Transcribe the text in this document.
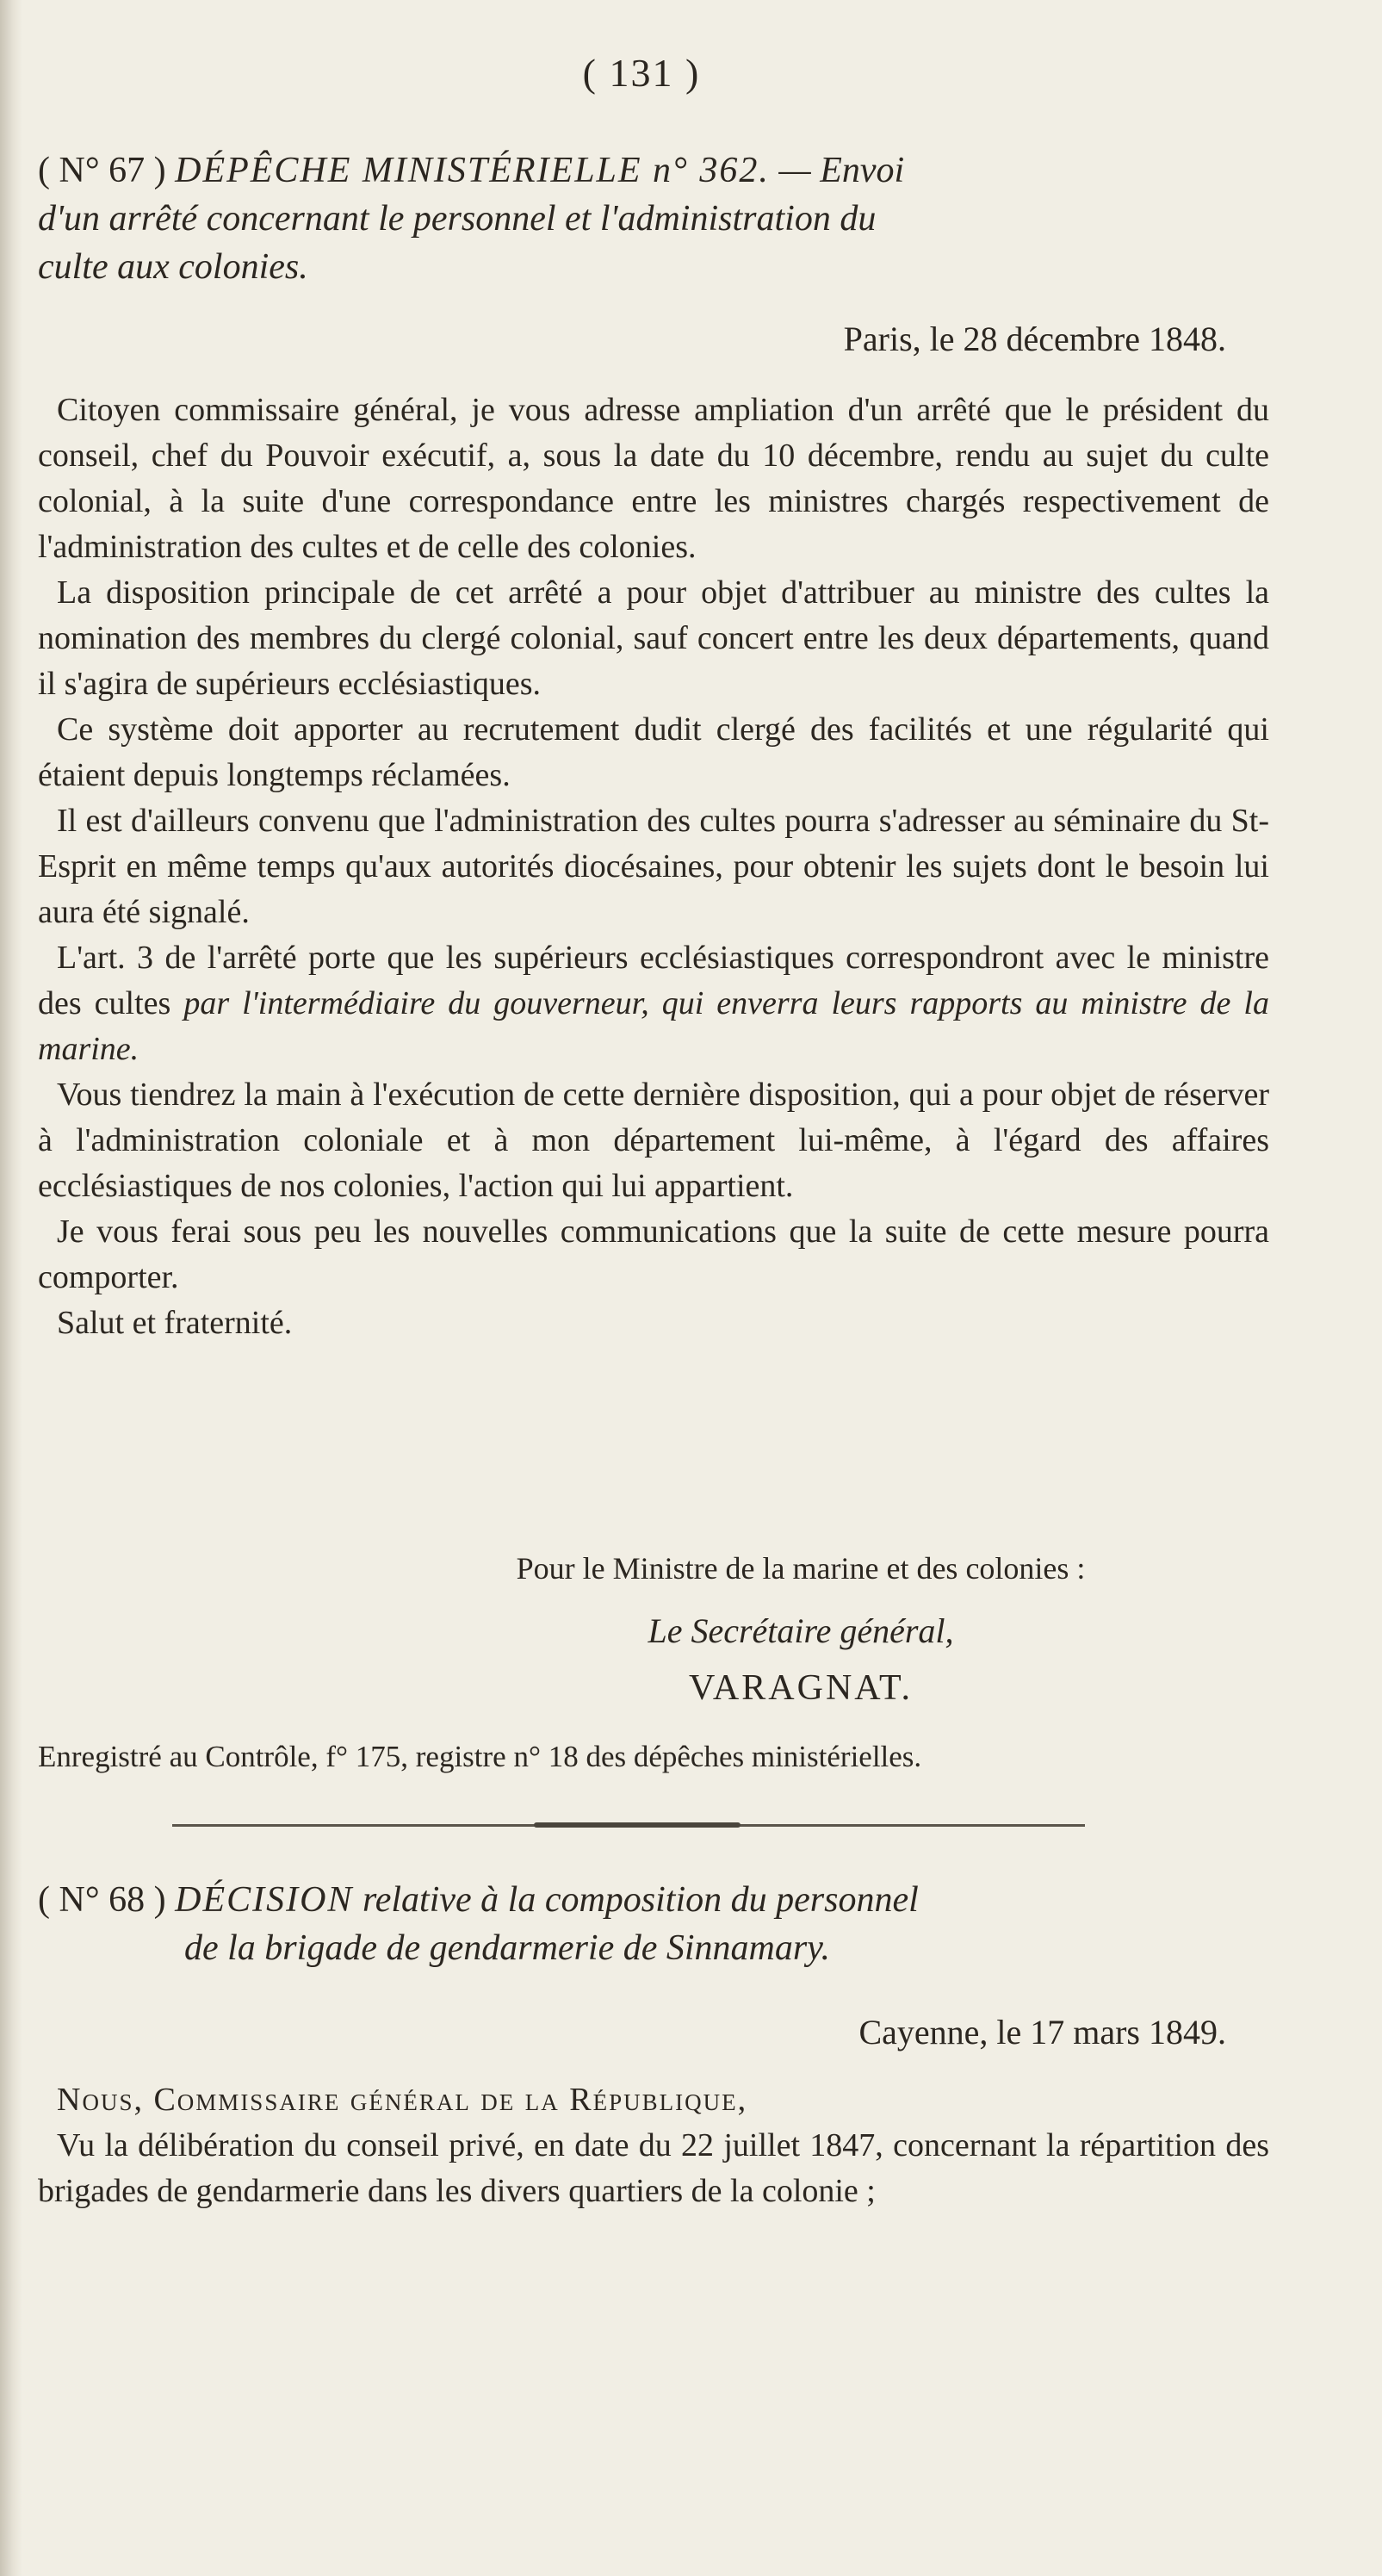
( 131 )
( N° 67 ) DÉPÊCHE MINISTÉRIELLE n° 362. — Envoi
d'un arrêté concernant le personnel et l'administration du
culte aux colonies.
Paris, le 28 décembre 1848.

Citoyen commissaire général, je vous adresse ampliation d'un arrêté que le président du conseil, chef du Pouvoir exécutif, a, sous la date du 10 décembre, rendu au sujet du culte colonial, à la suite d'une correspondance entre les ministres chargés respectivement de l'administration des cultes et de celle des colonies.

La disposition principale de cet arrêté a pour objet d'attribuer au ministre des cultes la nomination des membres du clergé colonial, sauf concert entre les deux départements, quand il s'agira de supérieurs ecclésiastiques.

Ce système doit apporter au recrutement dudit clergé des facilités et une régularité qui étaient depuis longtemps réclamées.

Il est d'ailleurs convenu que l'administration des cultes pourra s'adresser au séminaire du St-Esprit en même temps qu'aux autorités diocésaines, pour obtenir les sujets dont le besoin lui aura été signalé.

L'art. 3 de l'arrêté porte que les supérieurs ecclésiastiques correspondront avec le ministre des cultes par l'intermédiaire du gouverneur, qui enverra leurs rapports au ministre de la marine.

Vous tiendrez la main à l'exécution de cette dernière disposition, qui a pour objet de réserver à l'administration coloniale et à mon département lui-même, à l'égard des affaires ecclésiastiques de nos colonies, l'action qui lui appartient.

Je vous ferai sous peu les nouvelles communications que la suite de cette mesure pourra comporter.

Salut et fraternité.

Pour le Ministre de la marine et des colonies :
Le Secrétaire général,
VARAGNAT.
Enregistré au Contrôle, f° 175, registre n° 18 des dépêches ministérielles.
( N° 68 ) DÉCISION relative à la composition du personnel
de la brigade de gendarmerie de Sinnamary.
Cayenne, le 17 mars 1849.

Nous, Commissaire général de la République,

Vu la délibération du conseil privé, en date du 22 juillet 1847, concernant la répartition des brigades de gendarmerie dans les divers quartiers de la colonie ;
